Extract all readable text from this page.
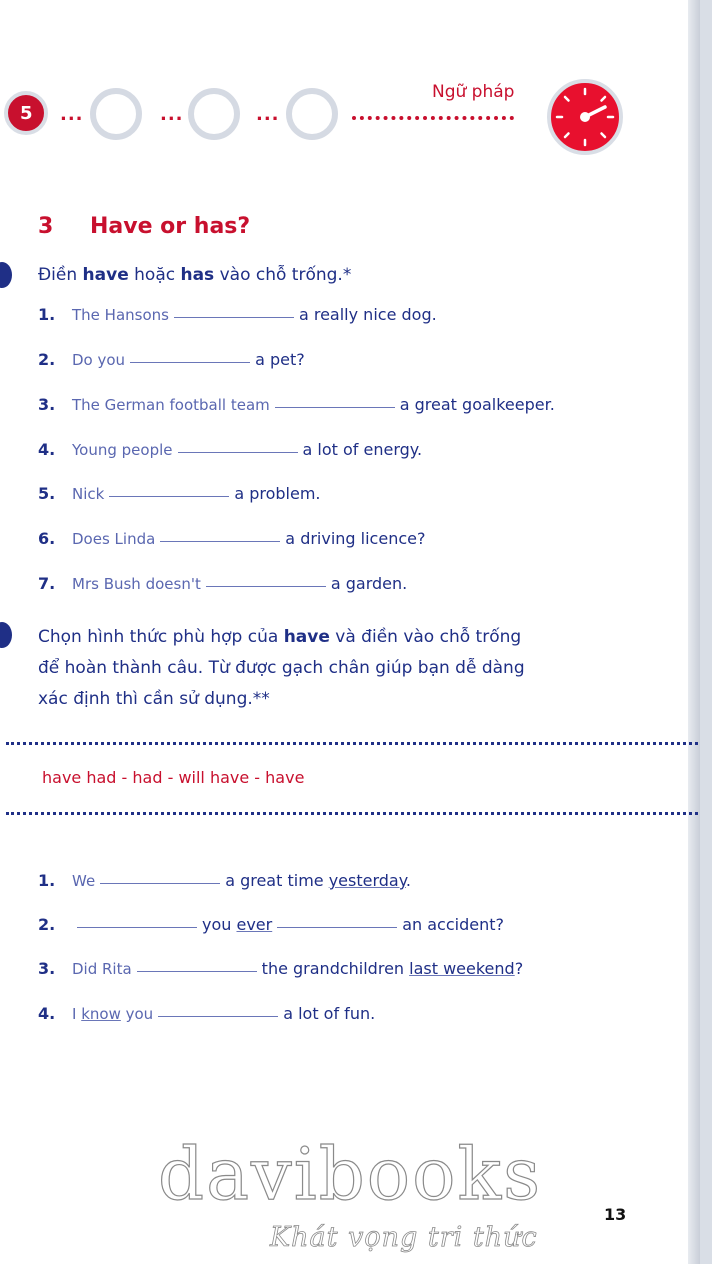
5 ...	...	...
Ngữ pháp
3 Have or has?
Điền have hoặc has vào chỗ trống.*
1. The Hansons	a really nice dog.
2. Do you	a pet?
3. The German football team	a great goalkeeper.
4. Young people	a lot of energy.
5. Nick	a problem.
6. Does Linda	a driving licence?
7. Mrs Bush doesn't	a garden.
Chọn hình thức phù hợp của have và điền vào chỗ trống
để hoàn thành câu. Từ được gạch chân giúp bạn dễ dàng
xác định thì cần sử dụng.**
have had - had - will have - have
1. We	a great time yesterday.
2.	you ever	an accident?
3. Did Rita	the grandchildren last weekend?
4. I know you	a lot of fun.
davibooks
Khát vọng tri thức
13
